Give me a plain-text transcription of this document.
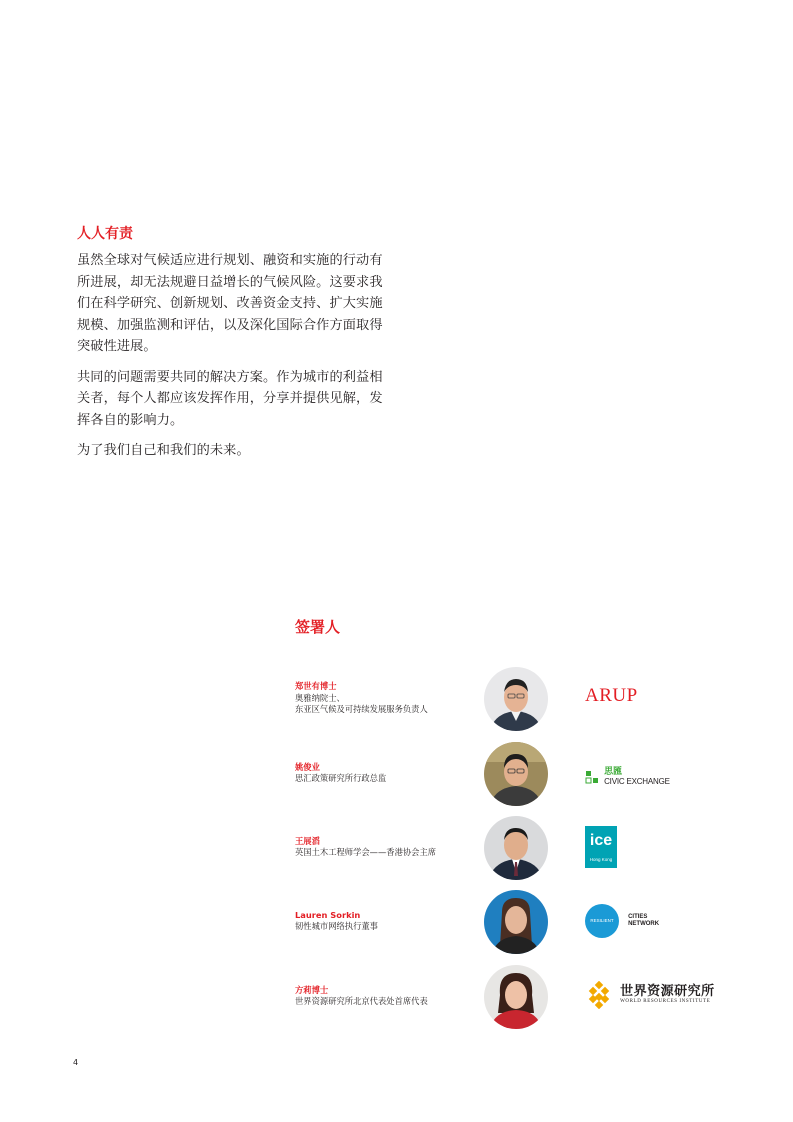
人人有责

虽然全球对气候适应进行规划、融资和实施的行动有所进展，却无法规避日益增长的气候风险。这要求我们在科学研究、创新规划、改善资金支持、扩大实施规模、加强监测和评估，以及深化国际合作方面取得突破性进展。

共同的问题需要共同的解决方案。作为城市的利益相关者，每个人都应该发挥作用，分享并提供见解，发挥各自的影响力。

为了我们自己和我们的未来。

签署人
郑世有博士
奥雅纳院士、
东亚区气候及可持续发展服务负责人
ARUP
姚俊业
思汇政策研究所行政总监

思匯
CIVIC EXCHANGE
王展滔
英国土木工程师学会——香港协会主席
ice
Hong Kong
Lauren Sorkin
韧性城市网络执行董事
RESILIENT
CITIES
NETWORK
方莉博士
世界资源研究所北京代表处首席代表

世界资源研究所
WORLD RESOURCES INSTITUTE
4
